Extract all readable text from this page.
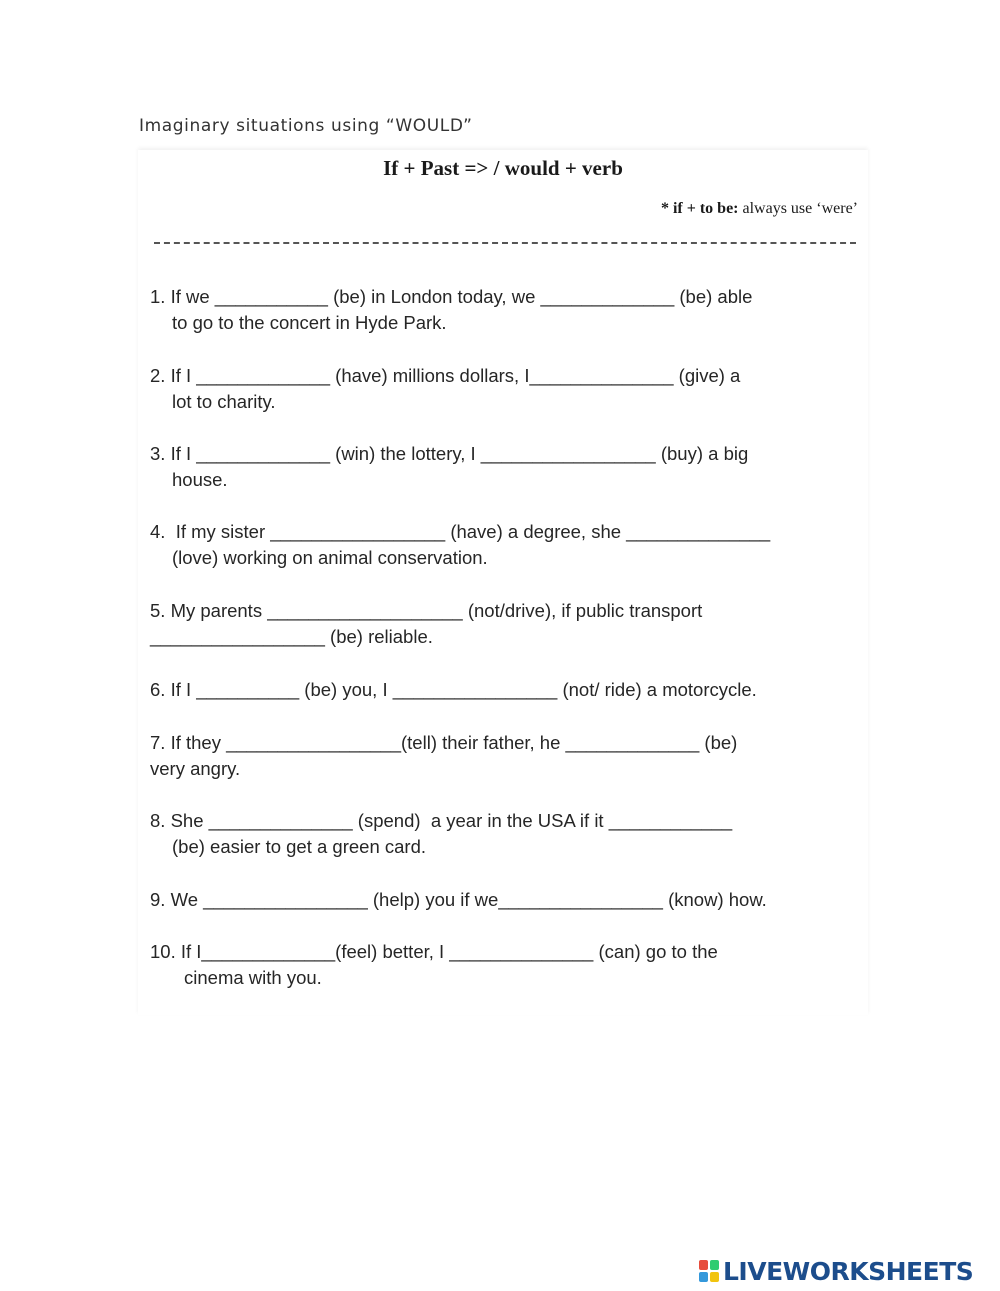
Imaginary situations using “WOULD”
If + Past => / would + verb
* if + to be: always use ‘were’
1. If we ___________ (be) in London today, we _____________ (be) able
to go to the concert in Hyde Park.
2. If I _____________ (have) millions dollars, I______________ (give) a
lot to charity.
3. If I _____________ (win) the lottery, I _________________ (buy) a big
house.
4.  If my sister _________________ (have) a degree, she ______________
(love) working on animal conservation.
5. My parents ___________________ (not/drive), if public transport
_________________ (be) reliable.
6. If I __________ (be) you, I ________________ (not/ ride) a motorcycle.
7. If they _________________(tell) their father, he _____________ (be)
very angry.
8. She ______________ (spend)  a year in the USA if it ____________
(be) easier to get a green card.
9. We ________________ (help) you if we________________ (know) how.
10. If I_____________(feel) better, I ______________ (can) go to the
cinema with you.
LIVEWORKSHEETS
